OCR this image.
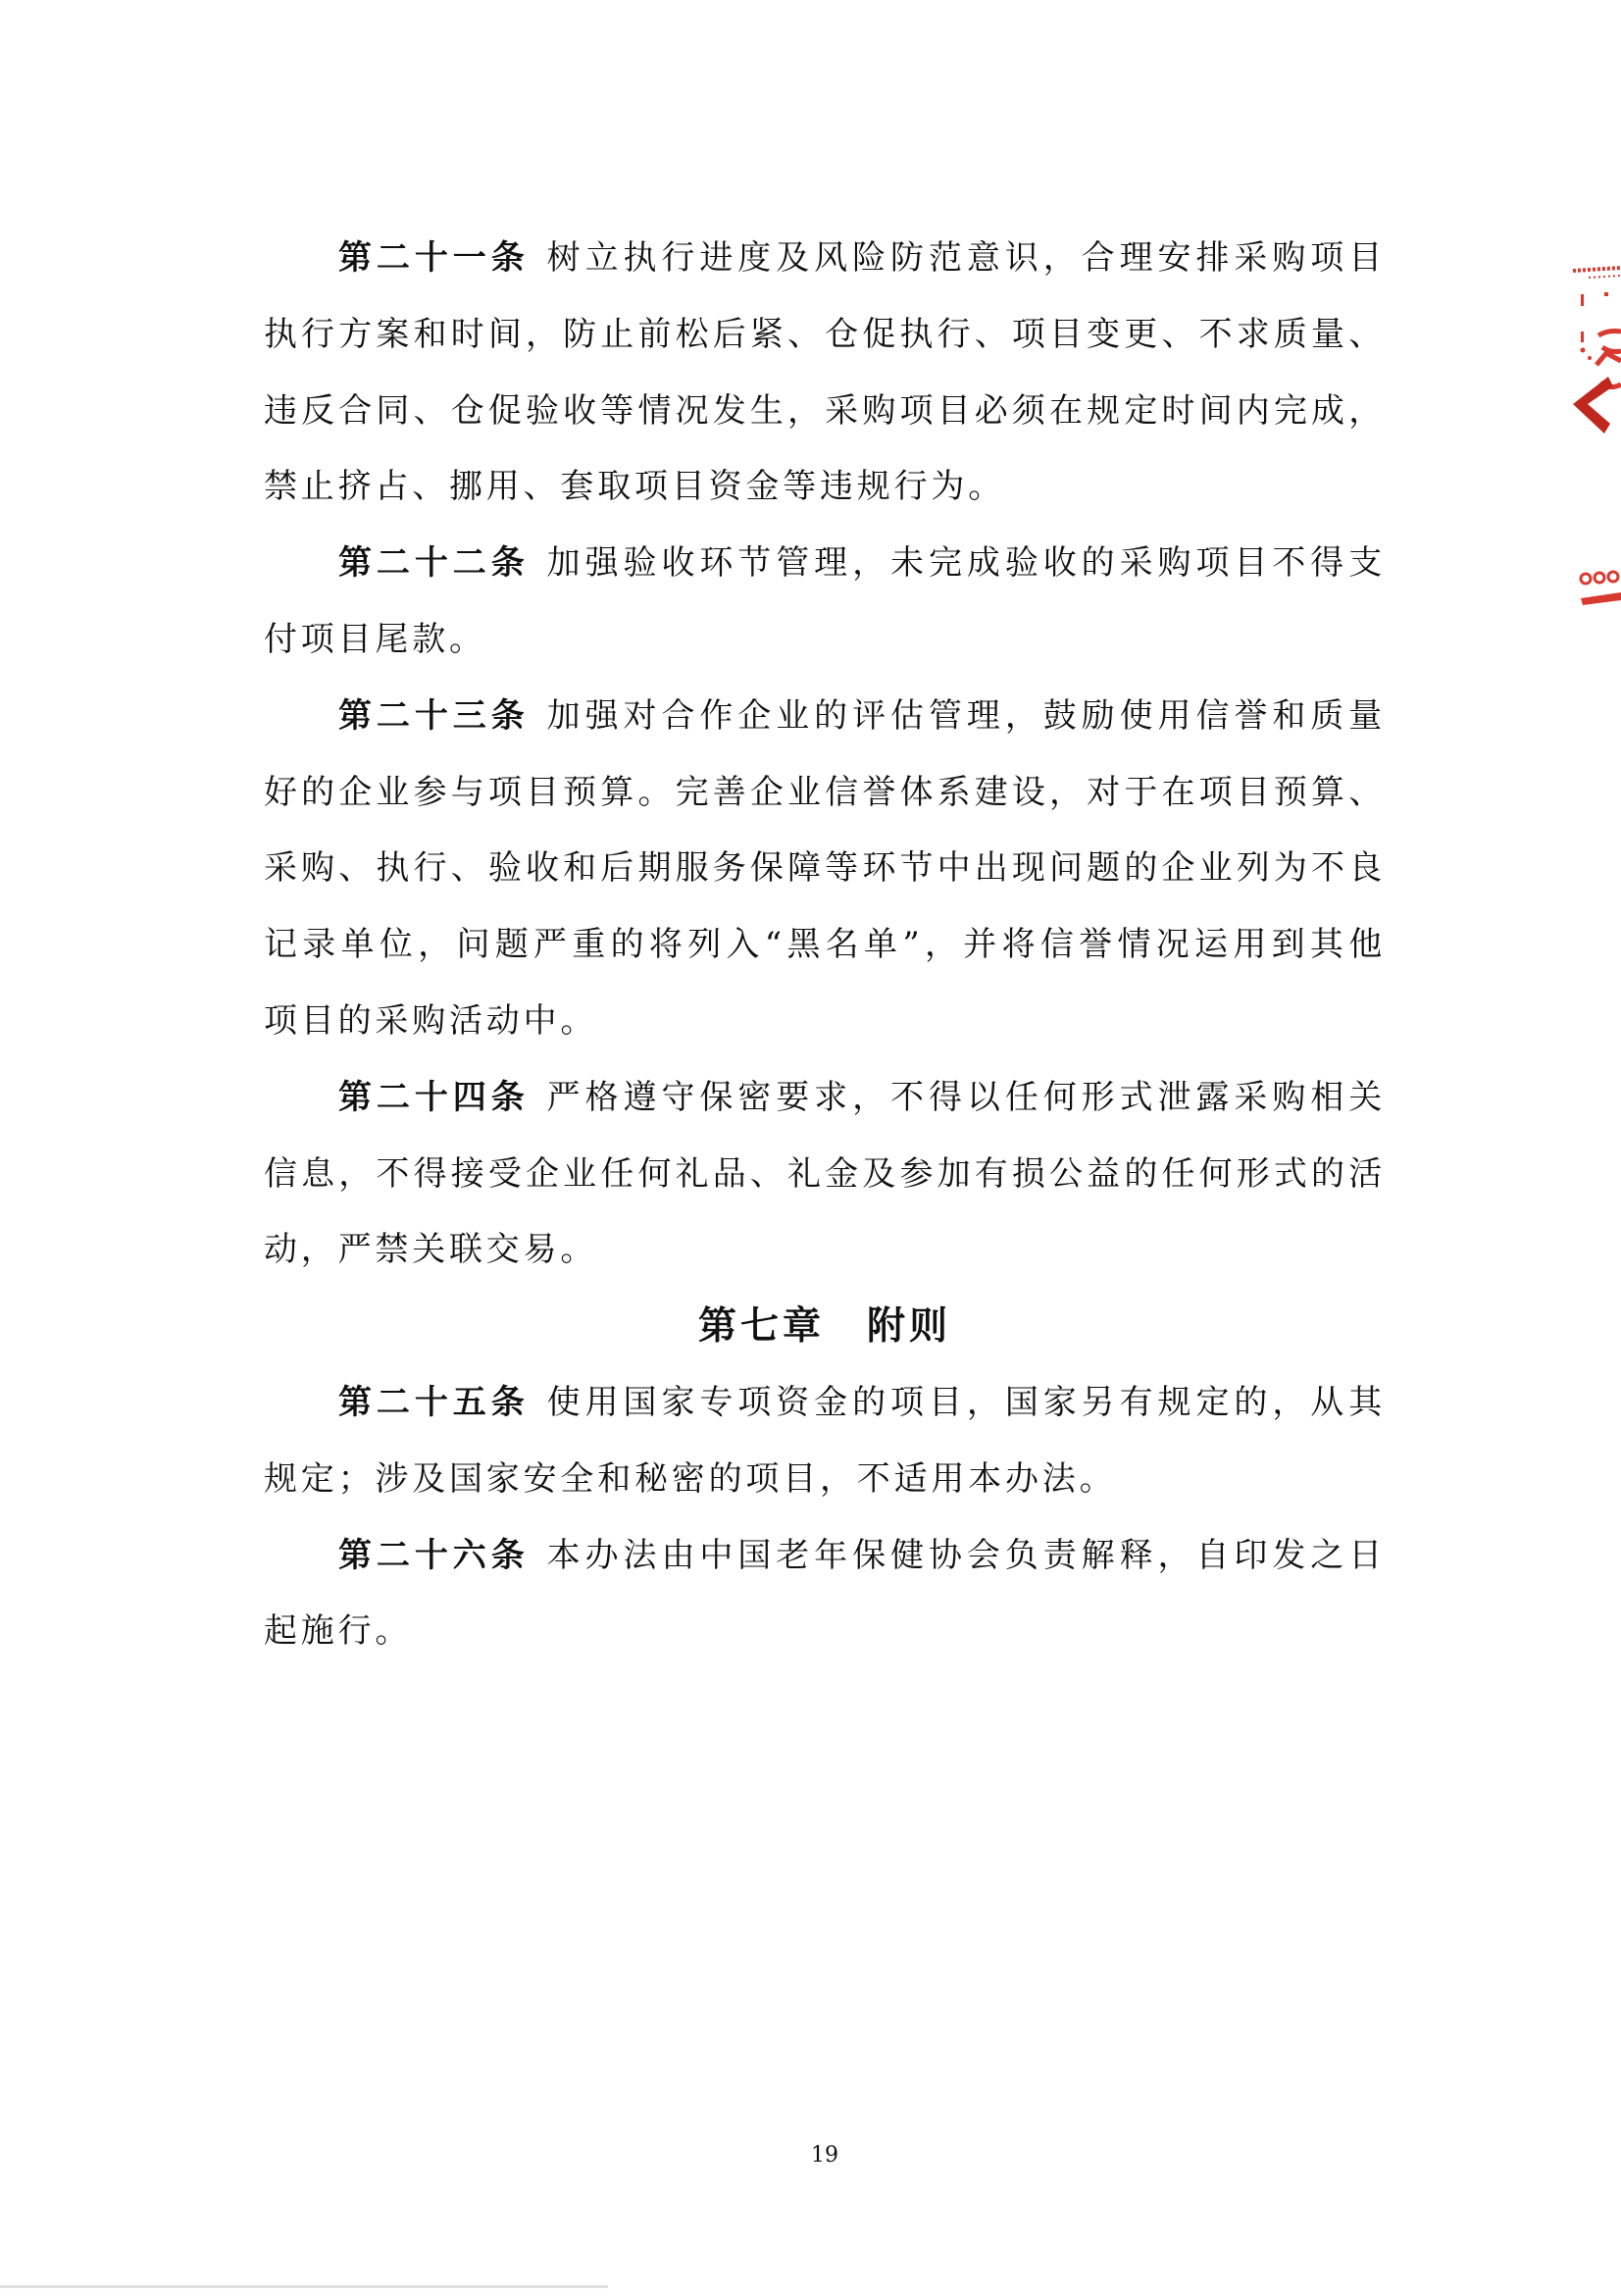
第二十一条 树立执行进度及风险防范意识，合理安排采购项目
执行方案和时间，防止前松后紧、仓促执行、项目变更、不求质量、
违反合同、仓促验收等情况发生，采购项目必须在规定时间内完成，
禁止挤占、挪用、套取项目资金等违规行为。
第二十二条 加强验收环节管理，未完成验收的采购项目不得支
付项目尾款。
第二十三条 加强对合作企业的评估管理，鼓励使用信誉和质量
好的企业参与项目预算。完善企业信誉体系建设，对于在项目预算、
采购、执行、验收和后期服务保障等环节中出现问题的企业列为不良
记录单位，问题严重的将列入“黑名单”，并将信誉情况运用到其他
项目的采购活动中。
第二十四条 严格遵守保密要求，不得以任何形式泄露采购相关
信息，不得接受企业任何礼品、礼金及参加有损公益的任何形式的活
动，严禁关联交易。
第七章　附则
第二十五条 使用国家专项资金的项目，国家另有规定的，从其
规定；涉及国家安全和秘密的项目，不适用本办法。
第二十六条 本办法由中国老年保健协会负责解释，自印发之日
起施行。
19
